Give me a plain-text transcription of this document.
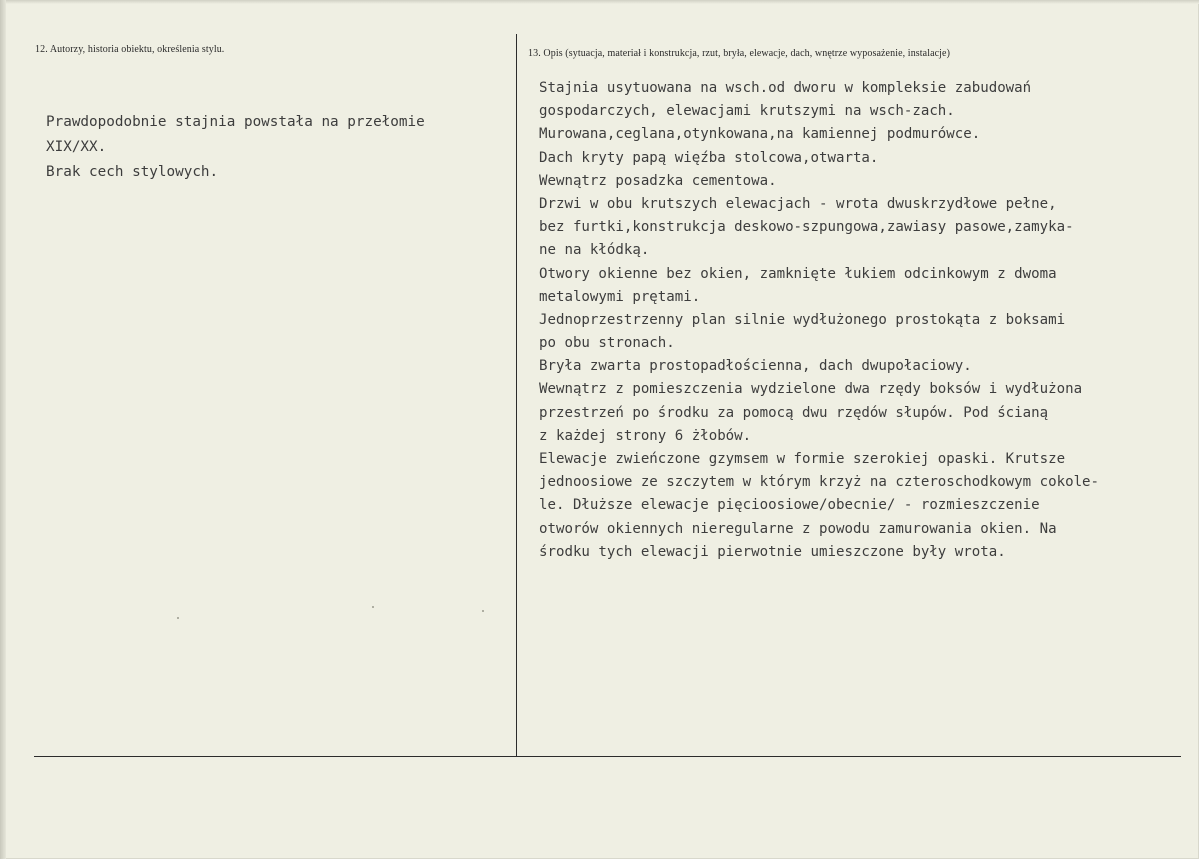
12. Autorzy, historia obiektu, określenia stylu.	13. Opis (sytuacja, materiał i konstrukcja, rzut, bryła, elewacje, dach, wnętrze wyposażenie, instalacje)
Prawdopodobnie stajnia powstała na przełomie
XIX/XX.
Brak cech stylowych.
Stajnia usytuowana na wsch.od dworu w kompleksie zabudowań
gospodarczych, elewacjami krutszymi na wsch-zach.
Murowana,ceglana,otynkowana,na kamiennej podmurówce.
Dach kryty papą więźba stolcowa,otwarta.
Wewnątrz posadzka cementowa.
Drzwi w obu krutszych elewacjach - wrota dwuskrzydłowe pełne,
bez furtki,konstrukcja deskowo-szpungowa,zawiasy pasowe,zamyka-
ne na kłódką.
Otwory okienne bez okien, zamknięte łukiem odcinkowym z dwoma
metalowymi prętami.
Jednoprzestrzenny plan silnie wydłużonego prostokąta z boksami
po obu stronach.
Bryła zwarta prostopadłościenna, dach dwupołaciowy.
Wewnątrz z pomieszczenia wydzielone dwa rzędy boksów i wydłużona
przestrzeń po środku za pomocą dwu rzędów słupów. Pod ścianą
z każdej strony 6 żłobów.
Elewacje zwieńczone gzymsem w formie szerokiej opaski. Krutsze
jednoosiowe ze szczytem w którym krzyż na czteroschodkowym cokole-
le. Dłuższe elewacje pięcioosiowe/obecnie/ - rozmieszczenie
otworów okiennych nieregularne z powodu zamurowania okien. Na
środku tych elewacji pierwotnie umieszczone były wrota.
